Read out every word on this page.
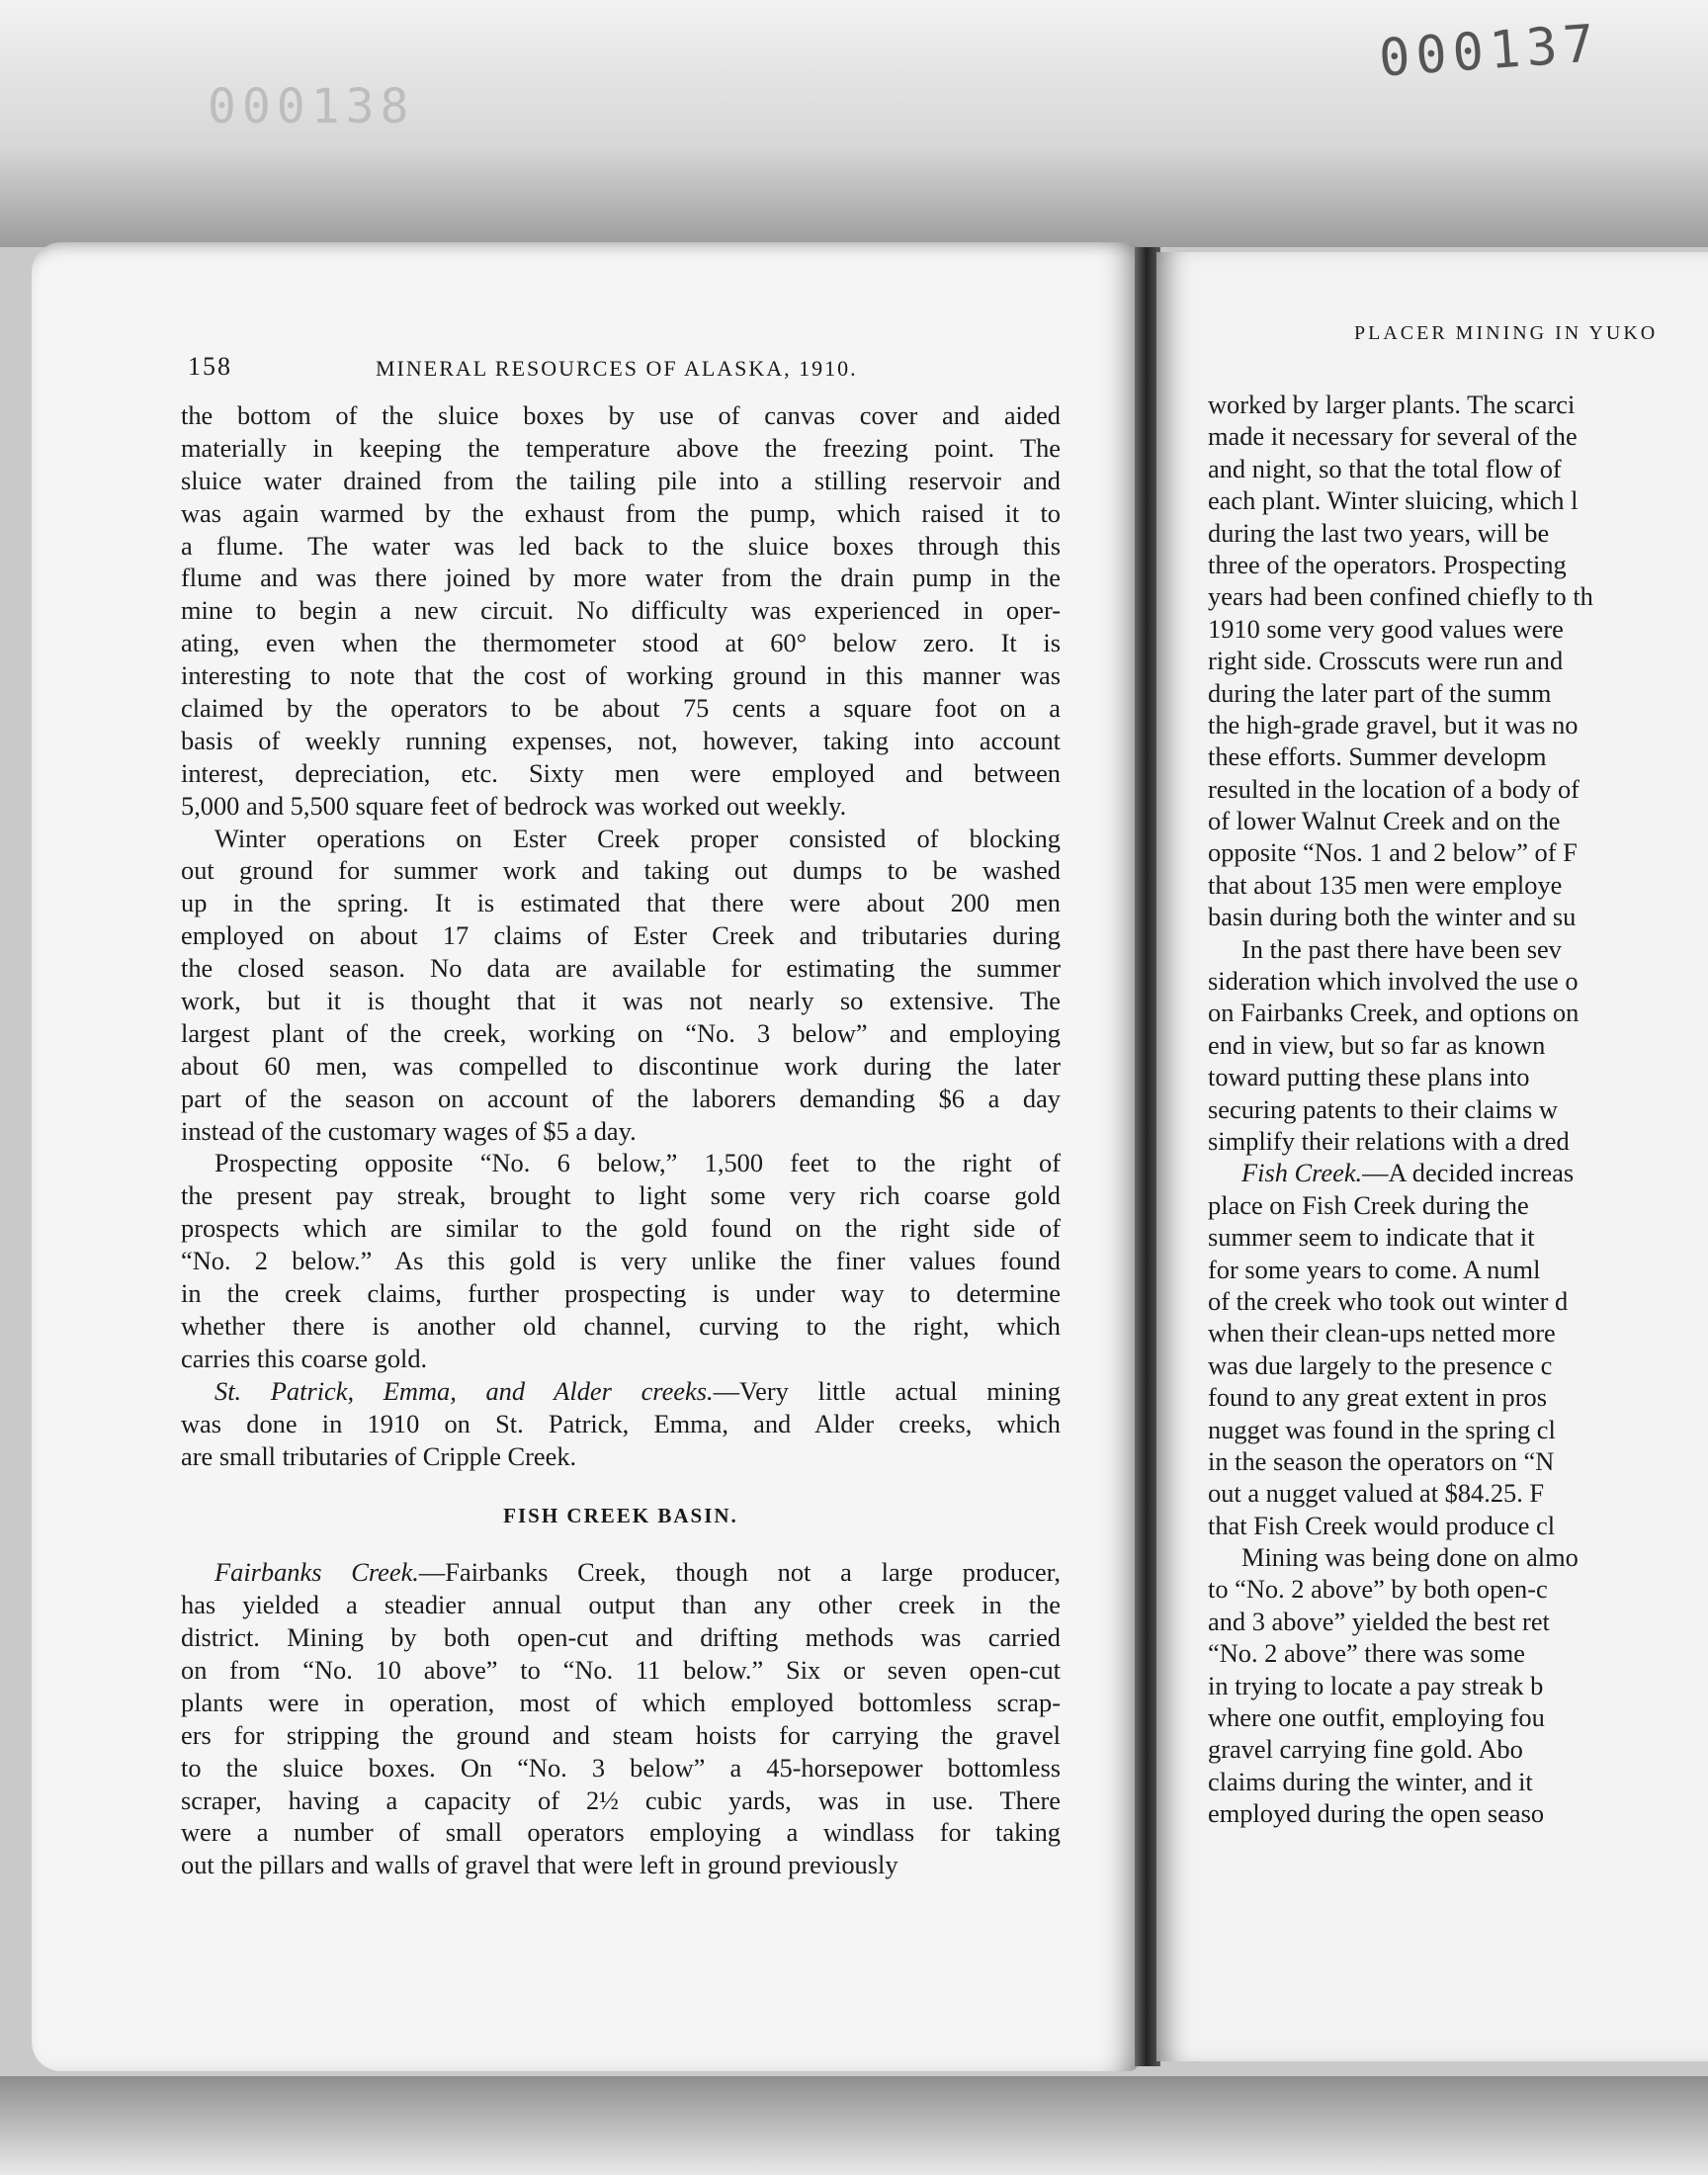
000138
000137
158	MINERAL RESOURCES OF ALASKA, 1910.
the bottom of the sluice boxes by use of canvas cover and aided
materially in keeping the temperature above the freezing point. The
sluice water drained from the tailing pile into a stilling reservoir and
was again warmed by the exhaust from the pump, which raised it to
a flume. The water was led back to the sluice boxes through this
flume and was there joined by more water from the drain pump in the
mine to begin a new circuit. No difficulty was experienced in oper-
ating, even when the thermometer stood at 60° below zero. It is
interesting to note that the cost of working ground in this manner was
claimed by the operators to be about 75 cents a square foot on a
basis of weekly running expenses, not, however, taking into account
interest, depreciation, etc. Sixty men were employed and between
5,000 and 5,500 square feet of bedrock was worked out weekly.
Winter operations on Ester Creek proper consisted of blocking
out ground for summer work and taking out dumps to be washed
up in the spring. It is estimated that there were about 200 men
employed on about 17 claims of Ester Creek and tributaries during
the closed season. No data are available for estimating the summer
work, but it is thought that it was not nearly so extensive. The
largest plant of the creek, working on “No. 3 below” and employing
about 60 men, was compelled to discontinue work during the later
part of the season on account of the laborers demanding $6 a day
instead of the customary wages of $5 a day.
Prospecting opposite “No. 6 below,” 1,500 feet to the right of
the present pay streak, brought to light some very rich coarse gold
prospects which are similar to the gold found on the right side of
“No. 2 below.” As this gold is very unlike the finer values found
in the creek claims, further prospecting is under way to determine
whether there is another old channel, curving to the right, which
carries this coarse gold.
St. Patrick, Emma, and Alder creeks.—Very little actual mining
was done in 1910 on St. Patrick, Emma, and Alder creeks, which
are small tributaries of Cripple Creek.
FISH CREEK BASIN.
Fairbanks Creek.—Fairbanks Creek, though not a large producer,
has yielded a steadier annual output than any other creek in the
district. Mining by both open-cut and drifting methods was carried
on from “No. 10 above” to “No. 11 below.” Six or seven open-cut
plants were in operation, most of which employed bottomless scrap-
ers for stripping the ground and steam hoists for carrying the gravel
to the sluice boxes. On “No. 3 below” a 45-horsepower bottomless
scraper, having a capacity of 2½ cubic yards, was in use. There
were a number of small operators employing a windlass for taking
out the pillars and walls of gravel that were left in ground previously
PLACER MINING IN YUKO
worked by larger plants. The scarci
made it necessary for several of the
and night, so that the total flow of
each plant. Winter sluicing, which l
during the last two years, will be
three of the operators. Prospecting
years had been confined chiefly to th
1910 some very good values were
right side. Crosscuts were run and
during the later part of the summ
the high-grade gravel, but it was no
these efforts. Summer developm
resulted in the location of a body of
of lower Walnut Creek and on the
opposite “Nos. 1 and 2 below” of F
that about 135 men were employe
basin during both the winter and su
In the past there have been sev
sideration which involved the use o
on Fairbanks Creek, and options on
end in view, but so far as known
toward putting these plans into
securing patents to their claims w
simplify their relations with a dred
Fish Creek.—A decided increas
place on Fish Creek during the
summer seem to indicate that it
for some years to come. A numl
of the creek who took out winter d
when their clean-ups netted more
was due largely to the presence c
found to any great extent in pros
nugget was found in the spring cl
in the season the operators on “N
out a nugget valued at $84.25. F
that Fish Creek would produce cl
Mining was being done on almo
to “No. 2 above” by both open-c
and 3 above” yielded the best ret
“No. 2 above” there was some
in trying to locate a pay streak b
where one outfit, employing fou
gravel carrying fine gold. Abo
claims during the winter, and it
employed during the open seaso
